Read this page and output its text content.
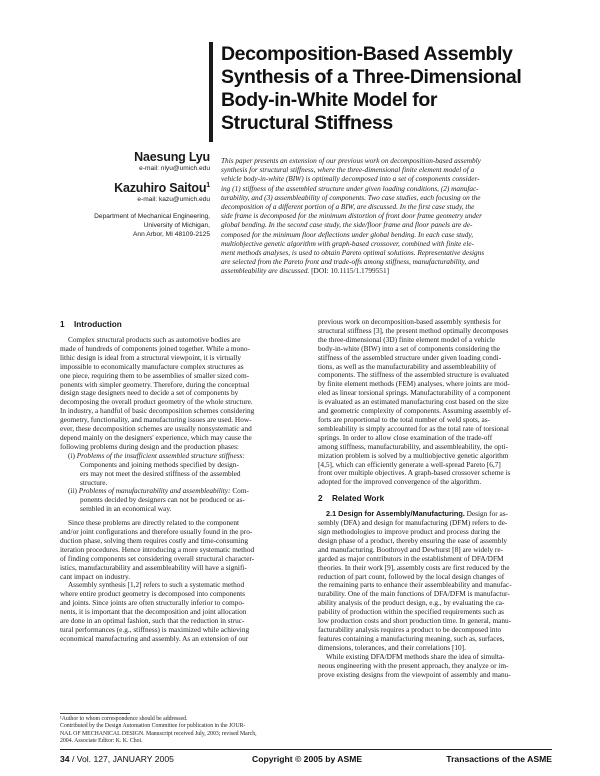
Decomposition-Based Assembly
Synthesis of a Three-Dimensional
Body-in-White Model for
Structural Stiffness
Naesung Lyu
e-mail: nlyu@umich.edu
Kazuhiro Saitou$^1$
e-mail: kazu@umich.edu
Department of Mechanical Engineering,
University of Michigan,
Ann Arbor, MI 48109-2125
This paper presents an extension of our previous work on decomposition-based assembly
synthesis for structural stiffness, where the three-dimensional finite element model of a
vehicle body-in-white (BIW) is optimally decomposed into a set of components consider-
ing (1) stiffness of the assembled structure under given loading conditions, (2) manufac-
turability, and (3) assembleability of components. Two case studies, each focusing on the
decomposition of a different portion of a BIW, are discussed. In the first case study, the
side frame is decomposed for the minimum distortion of front door frame geometry under
global bending. In the second case study, the side/floor frame and floor panels are de-
composed for the minimum floor deflections under global bending. In each case study,
multiobjective genetic algorithm with graph-based crossover, combined with finite ele-
ment methods analyses, is used to obtain Pareto optimal solutions. Representative designs
are selected from the Pareto front and trade-offs among stiffness, manufacturability, and
assembleability are discussed. [DOI: 10.1115/1.1799551]
1 Introduction
Complex structural products such as automotive bodies are
made of hundreds of components joined together. While a mono-
lithic design is ideal from a structural viewpoint, it is virtually
impossible to economically manufacture complex structures as
one piece, requiring them to be assemblies of smaller sized com-
ponents with simpler geometry. Therefore, during the conceptual
design stage designers need to decide a set of components by
decomposing the overall product geometry of the whole structure.
In industry, a handful of basic decomposition schemes considering
geometry, functionality, and manufacturing issues are used. How-
ever, these decomposition schemes are usually nonsystematic and
depend mainly on the designers' experience, which may cause the
following problems during design and the production phases:
(i) Problems of the insufficient assembled structure stiffness:
Components and joining methods specified by design-
ers may not meet the desired stiffness of the assembled
structure.
(ii) Problems of manufacturability and assembleability: Com-
ponents decided by designers can not be produced or as-
sembled in an economical way.
Since these problems are directly related to the component
and/or joint configurations and therefore usually found in the pro-
duction phase, solving them requires costly and time-consuming
iteration procedures. Hence introducing a more systematic method
of finding components set considering overall structural character-
istics, manufacturability and assembleability will have a signifi-
cant impact on industry.
Assembly synthesis [1,2] refers to such a systematic method
where entire product geometry is decomposed into components
and joints. Since joints are often structurally inferior to compo-
nents, it is important that the decomposition and joint allocation
are done in an optimal fashion, such that the reduction in struc-
tural performances (e.g., stiffness) is maximized while achieving
economical manufacturing and assembly. As an extension of our
previous work on decomposition-based assembly synthesis for
structural stiffness [3], the present method optimally decomposes
the three-dimensional (3D) finite element model of a vehicle
body-in-white (BIW) into a set of components considering the
stiffness of the assembled structure under given loading condi-
tions, as well as the manufacturability and assembleability of
components. The stiffness of the assembled structure is evaluated
by finite element methods (FEM) analyses, where joints are mod-
eled as linear torsional springs. Manufacturability of a component
is evaluated as an estimated manufacturing cost based on the size
and geometric complexity of components. Assuming assembly ef-
forts are proportional to the total number of weld spots, as-
sembleability is simply accounted for as the total rate of torsional
springs. In order to allow close examination of the trade-off
among stiffness, manufacturability, and assembleability, the opti-
mization problem is solved by a multiobjective genetic algorithm
[4,5], which can efficiently generate a well-spread Pareto [6,7]
front over multiple objectives. A graph-based crossover scheme is
adopted for the improved convergence of the algorithm.
2 Related Work
2.1 Design for Assembly/Manufacturing. Design for as-
sembly (DFA) and design for manufacturing (DFM) refers to de-
sign methodologies to improve product and process during the
design phase of a product, thereby ensuring the ease of assembly
and manufacturing. Boothroyd and Dewhurst [8] are widely re-
garded as major contributors in the establishment of DFA/DFM
theories. In their work [9], assembly costs are first reduced by the
reduction of part count, followed by the local design changes of
the remaining parts to enhance their assembleability and manufac-
turability. One of the main functions of DFA/DFM is manufactur-
ability analysis of the product design, e.g., by evaluating the ca-
pability of production within the specified requirements such as
low production costs and short production time. In general, manu-
facturability analysis requires a product to be decomposed into
features containing a manufacturing meaning, such as, surfaces,
dimensions, tolerances, and their correlations [10].
While existing DFA/DFM methods share the idea of simulta-
neous engineering with the present approach, they analyze or im-
prove existing designs from the viewpoint of assembly and manu-
¹Author to whom correspondence should be addressed.
Contributed by the Design Automation Committee for publication in the JOUR-
NAL OF MECHANICAL DESIGN. Manuscript received July, 2003; revised March,
2004. Associate Editor: K. K. Choi.
34 / Vol. 127, JANUARY 2005	Copyright © 2005 by ASME	Transactions of the ASME
